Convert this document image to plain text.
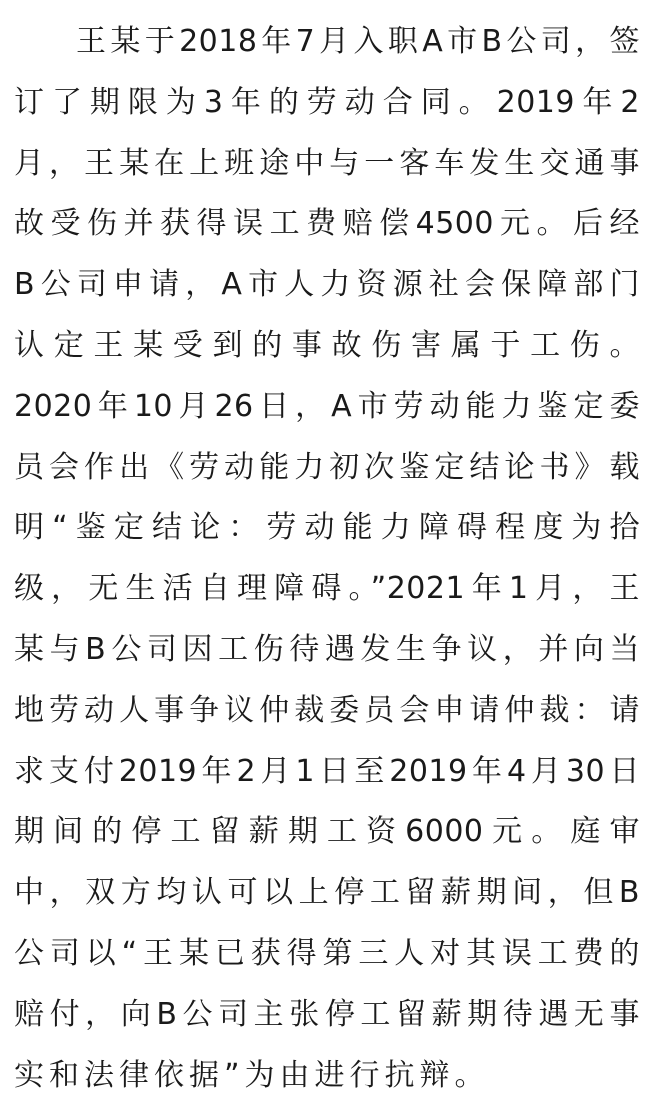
王某于2018年7月入职A市B公司，签
订了期限为3年的劳动合同。2019年2
月，王某在上班途中与一客车发生交通事
故受伤并获得误工费赔偿4500元。后经
B公司申请，A市人力资源社会保障部门
认定王某受到的事故伤害属于工伤。
2020年10月26日，A市劳动能力鉴定委
员会作出《劳动能力初次鉴定结论书》载
明“鉴定结论：劳动能力障碍程度为拾
级，无生活自理障碍。”2021年1月，王
某与B公司因工伤待遇发生争议，并向当
地劳动人事争议仲裁委员会申请仲裁：请
求支付2019年2月1日至2019年4月30日
期间的停工留薪期工资6000元。庭审
中，双方均认可以上停工留薪期间，但B
公司以“王某已获得第三人对其误工费的
赔付，向B公司主张停工留薪期待遇无事
实和法律依据”为由进行抗辩。
